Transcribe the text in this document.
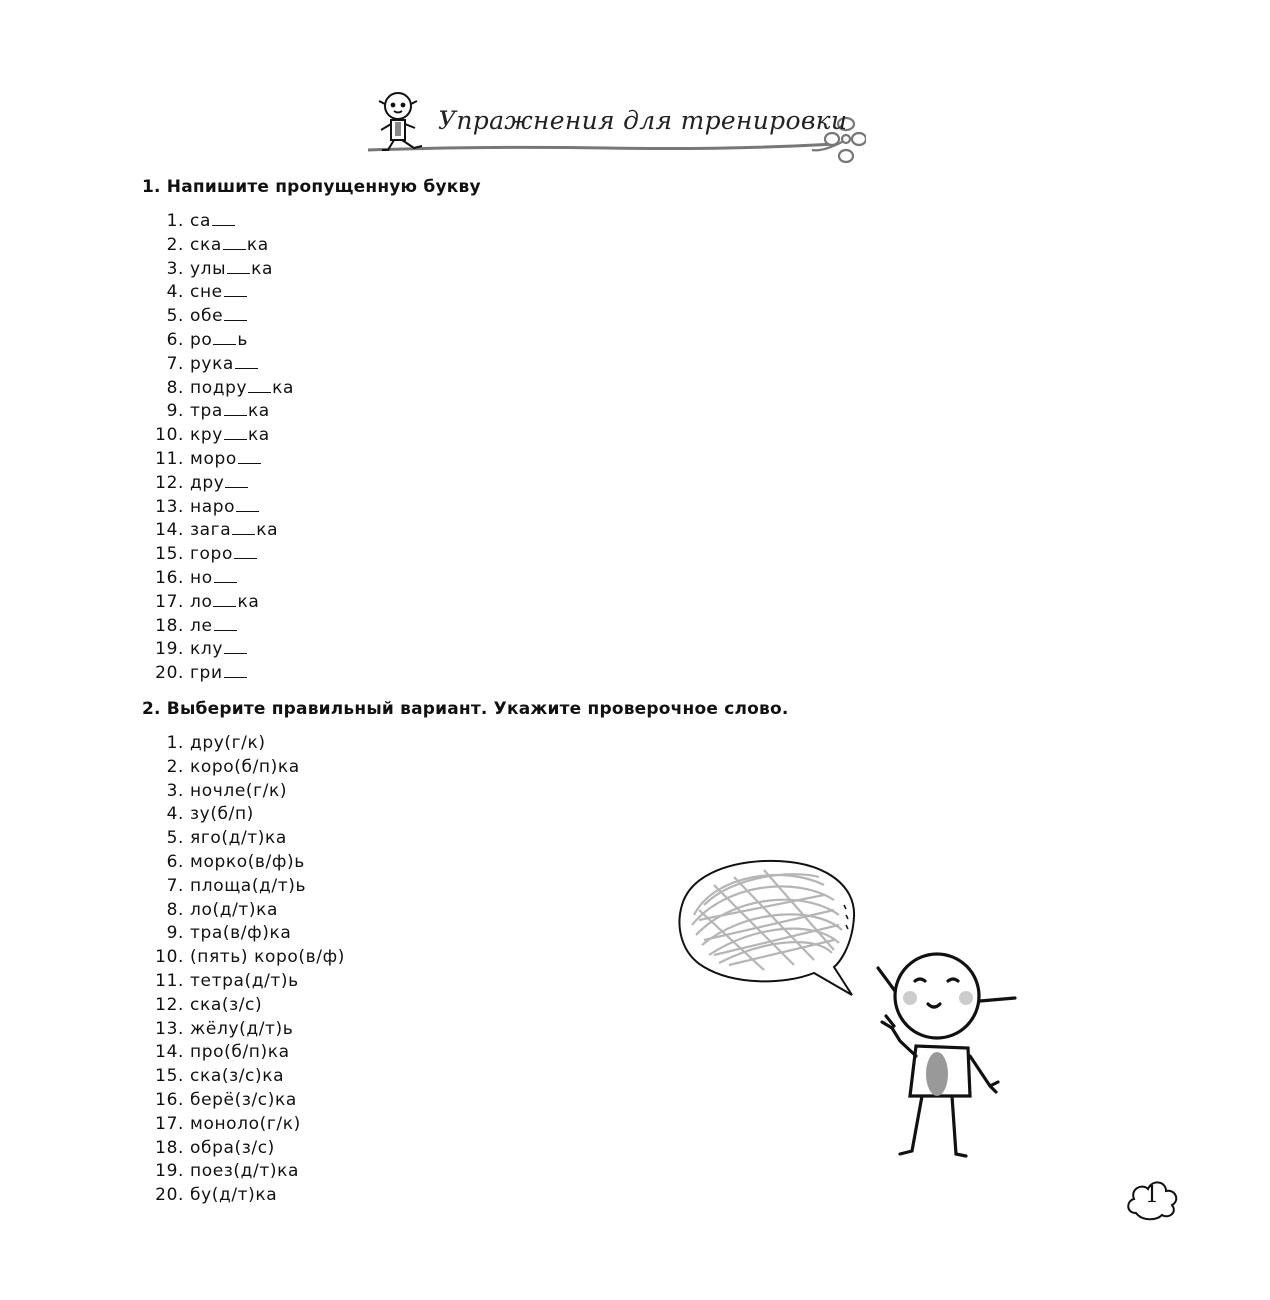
Упражнения для тренировки
1. Напишите пропущенную букву
1. са
2. ска ка
3. улы ка
4. сне
5. обе
6. ро ь
7. рука
8. подру ка
9. тра ка
10. кру ка
11. моро
12. дру
13. наро
14. зага ка
15. горо
16. но
17. ло ка
18. ле
19. клу
20. гри
2. Выберите правильный вариант. Укажите проверочное слово.
1. дру(г/к)
2. коро(б/п)ка
3. ночле(г/к)
4. зу(б/п)
5. яго(д/т)ка
6. морко(в/ф)ь
7. площа(д/т)ь
8. ло(д/т)ка
9. тра(в/ф)ка
10. (пять) коро(в/ф)
11. тетра(д/т)ь
12. ска(з/с)
13. жёлу(д/т)ь
14. про(б/п)ка
15. ска(з/с)ка
16. берё(з/с)ка
17. моноло(г/к)
18. обра(з/с)
19. поез(д/т)ка
20. бу(д/т)ка	1
